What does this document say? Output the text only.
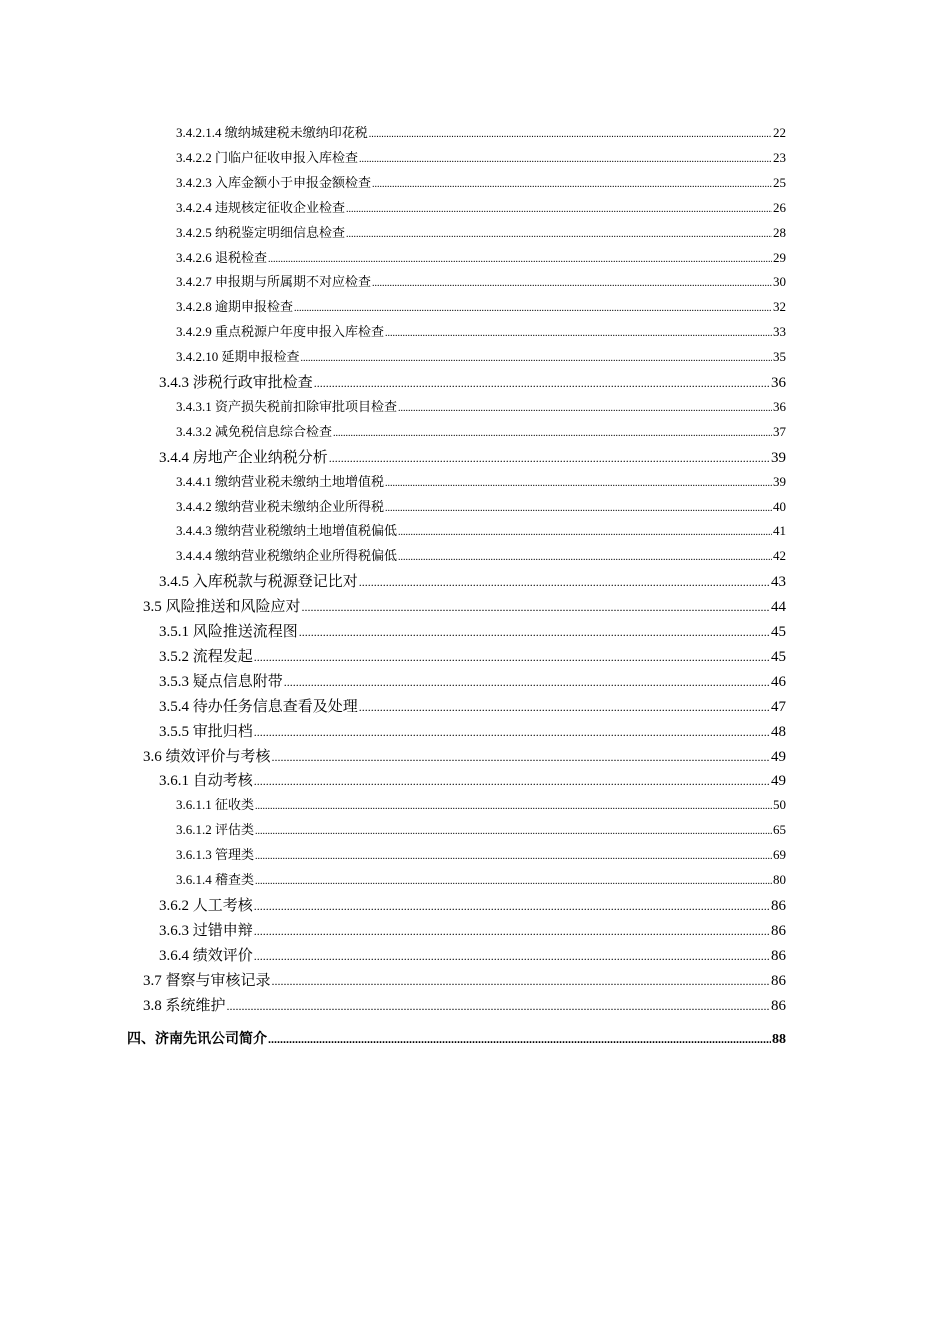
3.4.2.1.4 缴纳城建税未缴纳印花税 .....	22
3.4.2.2 门临户征收申报入库检查 .....	23
3.4.2.3 入库金额小于申报金额检查 .....	25
3.4.2.4 违规核定征收企业检查 .....	26
3.4.2.5 纳税鉴定明细信息检查 .....	28
3.4.2.6 退税检查 .....	29
3.4.2.7 申报期与所属期不对应检查 .....	30
3.4.2.8 逾期申报检查 .....	32
3.4.2.9 重点税源户年度申报入库检查 .....	33
3.4.2.10 延期申报检查 .....	35
3.4.3 涉税行政审批检查 .....	36
3.4.3.1 资产损失税前扣除审批项目检查 .....	36
3.4.3.2 减免税信息综合检查 .....	37
3.4.4 房地产企业纳税分析 .....	39
3.4.4.1 缴纳营业税未缴纳土地增值税 .....	39
3.4.4.2 缴纳营业税未缴纳企业所得税 .....	40
3.4.4.3 缴纳营业税缴纳土地增值税偏低 .....	41
3.4.4.4 缴纳营业税缴纳企业所得税偏低 .....	42
3.4.5 入库税款与税源登记比对 .....	43
3.5 风险推送和风险应对 .....	44
3.5.1 风险推送流程图 .....	45
3.5.2 流程发起 .....	45
3.5.3 疑点信息附带 .....	46
3.5.4 待办任务信息查看及处理 .....	47
3.5.5 审批归档 .....	48
3.6 绩效评价与考核 .....	49
3.6.1 自动考核 .....	49
3.6.1.1 征收类 .....	50
3.6.1.2 评估类 .....	65
3.6.1.3 管理类 .....	69
3.6.1.4 稽查类 .....	80
3.6.2 人工考核 .....	86
3.6.3 过错申辩 .....	86
3.6.4 绩效评价 .....	86
3.7 督察与审核记录 .....	86
3.8 系统维护 .....	86
四、济南先讯公司简介 .....	88
